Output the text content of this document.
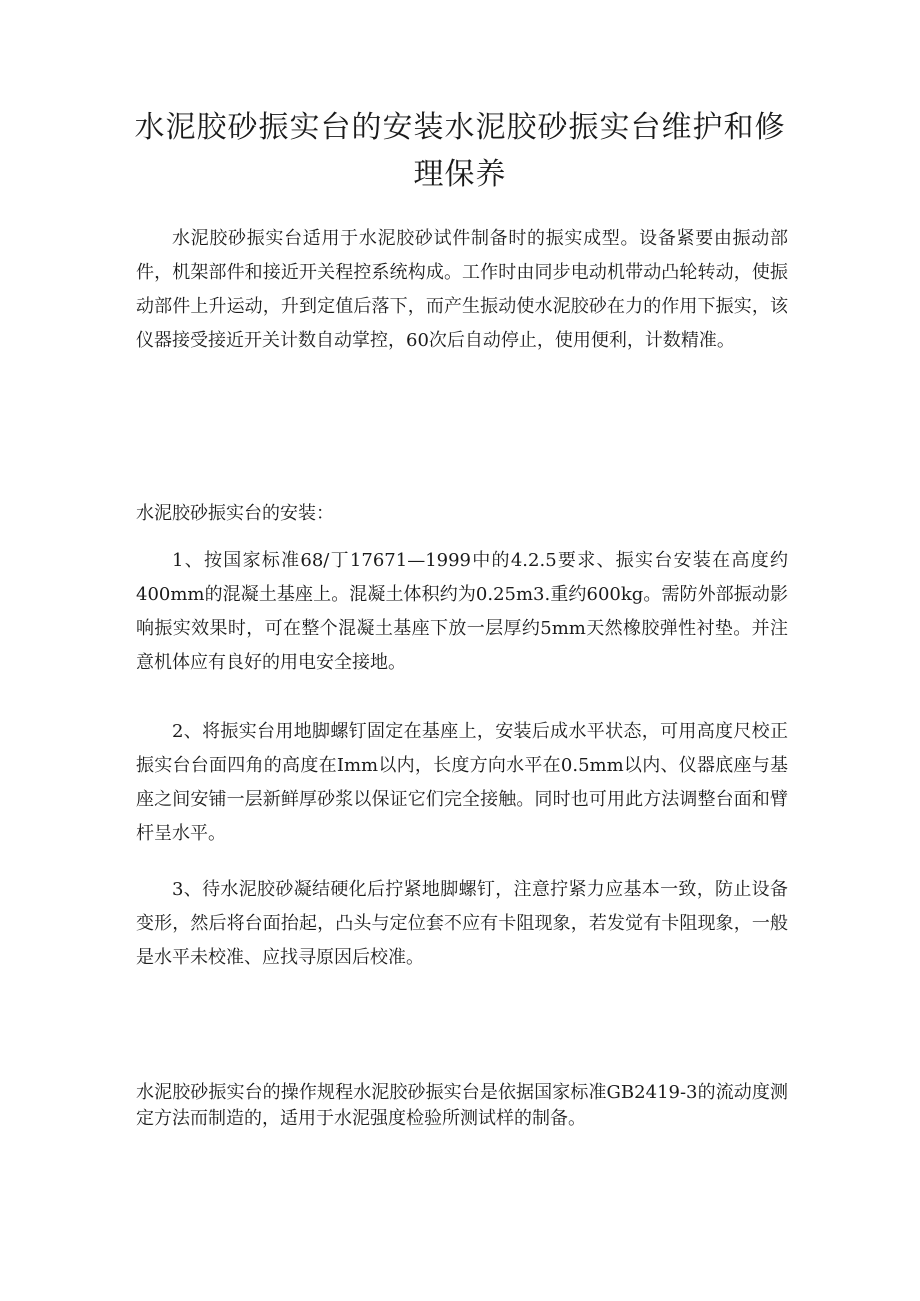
水泥胶砂振实台的安装水泥胶砂振实台维护和修理保养

水泥胶砂振实台适用于水泥胶砂试件制备时的振实成型。设备紧要由振动部件，机架部件和接近开关程控系统构成。工作时由同步电动机带动凸轮转动，使振动部件上升运动，升到定值后落下，而产生振动使水泥胶砂在力的作用下振实，该仪器接受接近开关计数自动掌控，60次后自动停止，使用便利，计数精准。

水泥胶砂振实台的安装：

1、按国家标准68/丁17671—1999中的4.2.5要求、振实台安装在高度约400mm的混凝土基座上。混凝土体积约为0.25m3.重约600kg。需防外部振动影响振实效果时，可在整个混凝土基座下放一层厚约5mm天然橡胶弹性衬垫。并注意机体应有良好的用电安全接地。

2、将振实台用地脚螺钉固定在基座上，安装后成水平状态，可用高度尺校正振实台台面四角的高度在Imm以内，长度方向水平在0.5mm以内、仪器底座与基座之间安铺一层新鲜厚砂浆以保证它们完全接触。同时也可用此方法调整台面和臂杆呈水平。

3、待水泥胶砂凝结硬化后拧紧地脚螺钉，注意拧紧力应基本一致，防止设备变形，然后将台面抬起，凸头与定位套不应有卡阻现象，若发觉有卡阻现象，一般是水平未校准、应找寻原因后校准。

水泥胶砂振实台的操作规程水泥胶砂振实台是依据国家标准GB2419-3的流动度测定方法而制造的，适用于水泥强度检验所测试样的制备。
